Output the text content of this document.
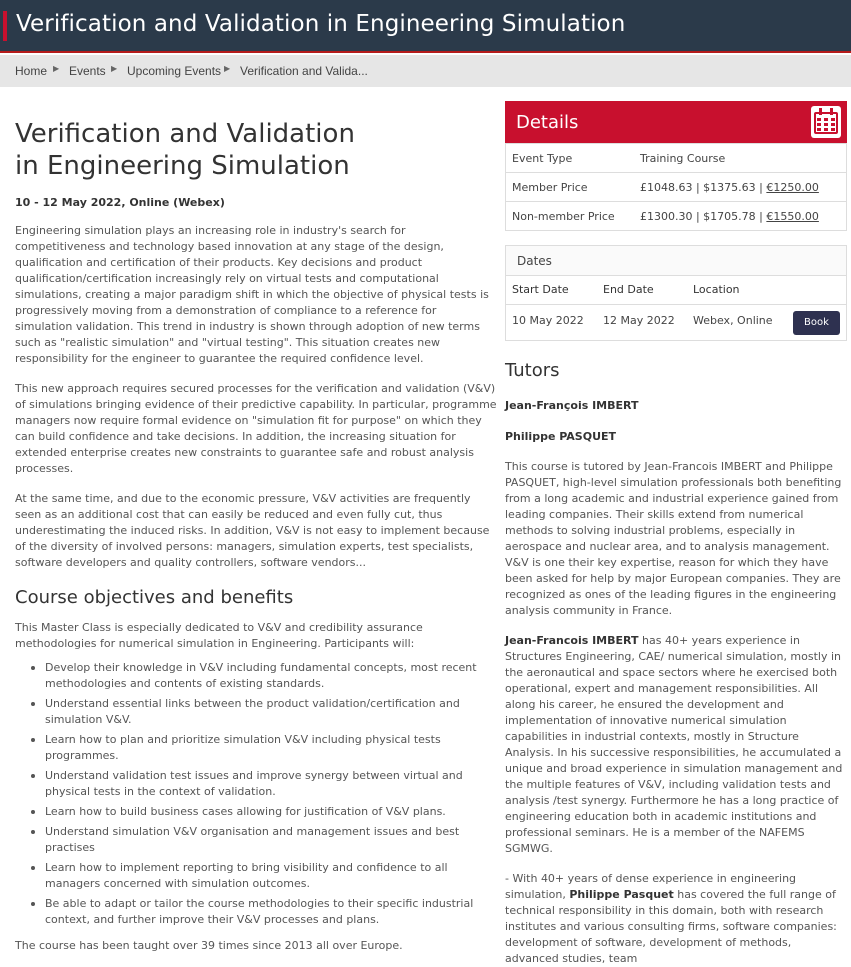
Verification and Validation in Engineering Simulation
Home ▶ Events ▶ Upcoming Events ▶ Verification and Valida...
Verification and Validation
in Engineering Simulation
10 - 12 May 2022, Online (Webex)

Engineering simulation plays an increasing role in industry's search for competitiveness and technology based innovation at any stage of the design, qualification and certification of their products. Key decisions and product qualification/certification increasingly rely on virtual tests and computational simulations, creating a major paradigm shift in which the objective of physical tests is progressively moving from a demonstration of compliance to a reference for simulation validation. This trend in industry is shown through adoption of new terms such as "realistic simulation" and "virtual testing". This situation creates new responsibility for the engineer to guarantee the required confidence level.

This new approach requires secured processes for the verification and validation (V&V) of simulations bringing evidence of their predictive capability. In particular, programme managers now require formal evidence on "simulation fit for purpose" on which they can build confidence and take decisions. In addition, the increasing situation for extended enterprise creates new constraints to guarantee safe and robust analysis processes.

At the same time, and due to the economic pressure, V&V activities are frequently seen as an additional cost that can easily be reduced and even fully cut, thus underestimating the induced risks. In addition, V&V is not easy to implement because of the diversity of involved persons: managers, simulation experts, test specialists, software developers and quality controllers, software vendors...

Course objectives and benefits

This Master Class is especially dedicated to V&V and credibility assurance methodologies for numerical simulation in Engineering. Participants will:

Develop their knowledge in V&V including fundamental concepts, most recent methodologies and contents of existing standards.
Understand essential links between the product validation/certification and simulation V&V.
Learn how to plan and prioritize simulation V&V including physical tests programmes.
Understand validation test issues and improve synergy between virtual and physical tests in the context of validation.
Learn how to build business cases allowing for justification of V&V plans.
Understand simulation V&V organisation and management issues and best practises
Learn how to implement reporting to bring visibility and confidence to all managers concerned with simulation outcomes.
Be able to adapt or tailor the course methodologies to their specific industrial context, and further improve their V&V processes and plans.

The course has been taught over 39 times since 2013 all over Europe.

Details
Event Type	Training Course
Member Price	£1048.63 | $1375.63 | €1250.00
Non-member Price £1300.30 | $1705.78 | €1550.00
Dates
Start Date	End Date	Location
10 May 2022 12 May 2022 Webex, Online	Book
Tutors
Jean-François IMBERT
Philippe PASQUET

This course is tutored by Jean-Francois IMBERT and Philippe PASQUET, high-level simulation professionals both benefiting from a long academic and industrial experience gained from leading companies. Their skills extend from numerical methods to solving industrial problems, especially in aerospace and nuclear area, and to analysis management. V&V is one their key expertise, reason for which they have been asked for help by major European companies. They are recognized as ones of the leading figures in the engineering analysis community in France.

Jean-Francois IMBERT has 40+ years experience in Structures Engineering, CAE/ numerical simulation, mostly in the aeronautical and space sectors where he exercised both operational, expert and management responsibilities. All along his career, he ensured the development and implementation of innovative numerical simulation capabilities in industrial contexts, mostly in Structure Analysis. In his successive responsibilities, he accumulated a unique and broad experience in simulation management and the multiple features of V&V, including validation tests and analysis /test synergy. Furthermore he has a long practice of engineering education both in academic institutions and professional seminars. He is a member of the NAFEMS SGMWG.

- With 40+ years of dense experience in engineering simulation, Philippe Pasquet has covered the full range of technical responsibility in this domain, both with research institutes and various consulting firms, software companies: development of software, development of methods, advanced studies, team
